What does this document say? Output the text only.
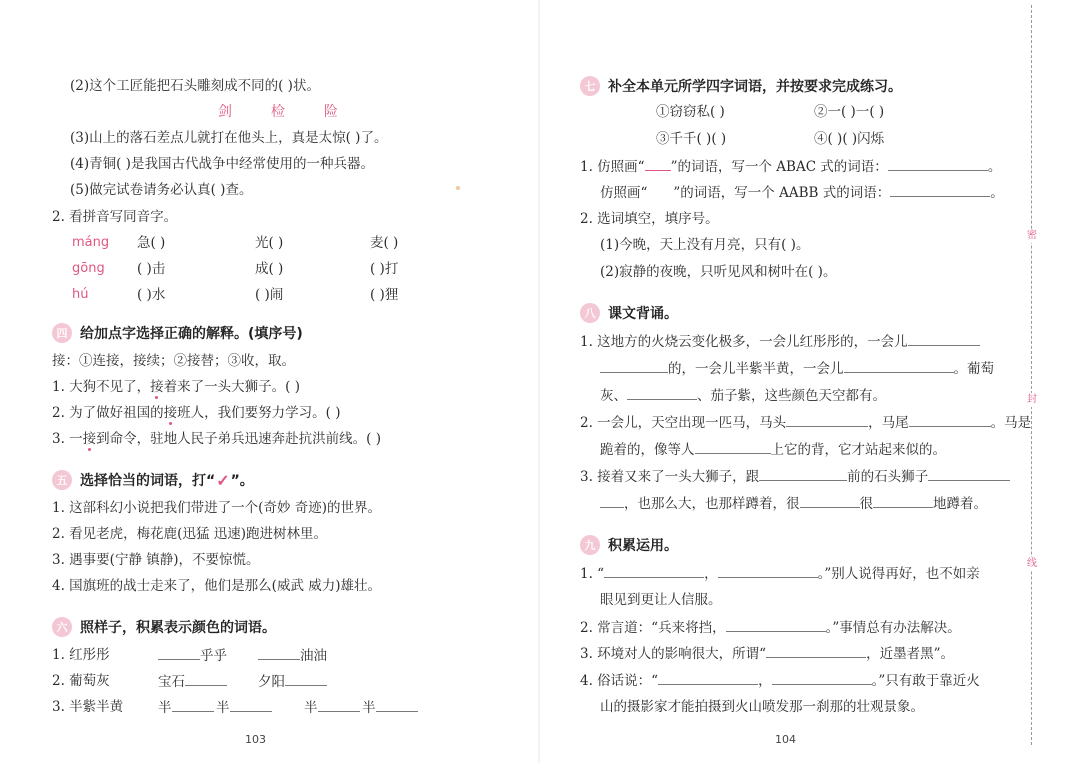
(2)这个工匠能把石头雕刻成不同的( )状。
剑	检	险
(3)山上的落石差点儿就打在他头上，真是太惊( )了。
(4)青铜( )是我国古代战争中经常使用的一种兵器。
(5)做完试卷请务必认真( )查。
2. 看拼音写同音字。
máng 急( )	光( )	麦( )
gōng ( )击	成( )	( )打
hú	( )水	( )闹	( )狸
四 给加点字选择正确的解释。(填序号)
接：①连接，接续；②接替；③收，取。
1. 大狗不见了，接着来了一头大狮子。( )
2. 为了做好祖国的接班人，我们要努力学习。( )
3. 一接到命令，驻地人民子弟兵迅速奔赴抗洪前线。( )
五 选择恰当的词语，打“ ✓ ”。
1. 这部科幻小说把我们带进了一个(奇妙 奇迹)的世界。
2. 看见老虎，梅花鹿(迅猛 迅速)跑进树林里。
3. 遇事要(宁静 镇静)，不要惊慌。
4. 国旗班的战士走来了，他们是那么(威武 威力)雄壮。
六 照样子，积累表示颜色的词语。
1. 红彤彤	乎乎	油油
2. 葡萄灰	宝石	夕阳
3. 半紫半黄	半	半	半	半
103
七 补全本单元所学四字词语，并按要求完成练习。
①窃窃私( )	②一( )一( )
③千千( )( )	④( )( )闪烁
1. 仿照画“ ”的词语，写一个 ABAC 式的词语：	。
仿照画“ ”的词语，写一个 AABB 式的词语：	。
2. 选词填空，填序号。
(1)今晚，天上没有月亮，只有( )。
(2)寂静的夜晚，只听见风和树叶在( )。
八 课文背诵。
1. 这地方的火烧云变化极多，一会儿红彤彤的，一会儿
的，一会儿半紫半黄，一会儿	。葡萄
灰、	、茄子紫，这些颜色天空都有。
2. 一会儿，天空出现一匹马，马头	，马尾	。马是
跪着的，像等人	上它的背，它才站起来似的。
3. 接着又来了一头大狮子，跟	前的石头狮子
，也那么大，也那样蹲着，很	很	地蹲着。
九 积累运用。
1. “	，	。”别人说得再好，也不如亲
眼见到更让人信服。
2. 常言道：“兵来将挡，	。”事情总有办法解决。
3. 环境对人的影响很大，所谓“	，近墨者黑”。
4. 俗话说：“	，	。”只有敢于靠近火
山的摄影家才能拍摄到火山喷发那一刹那的壮观景象。
104
密
封
线
